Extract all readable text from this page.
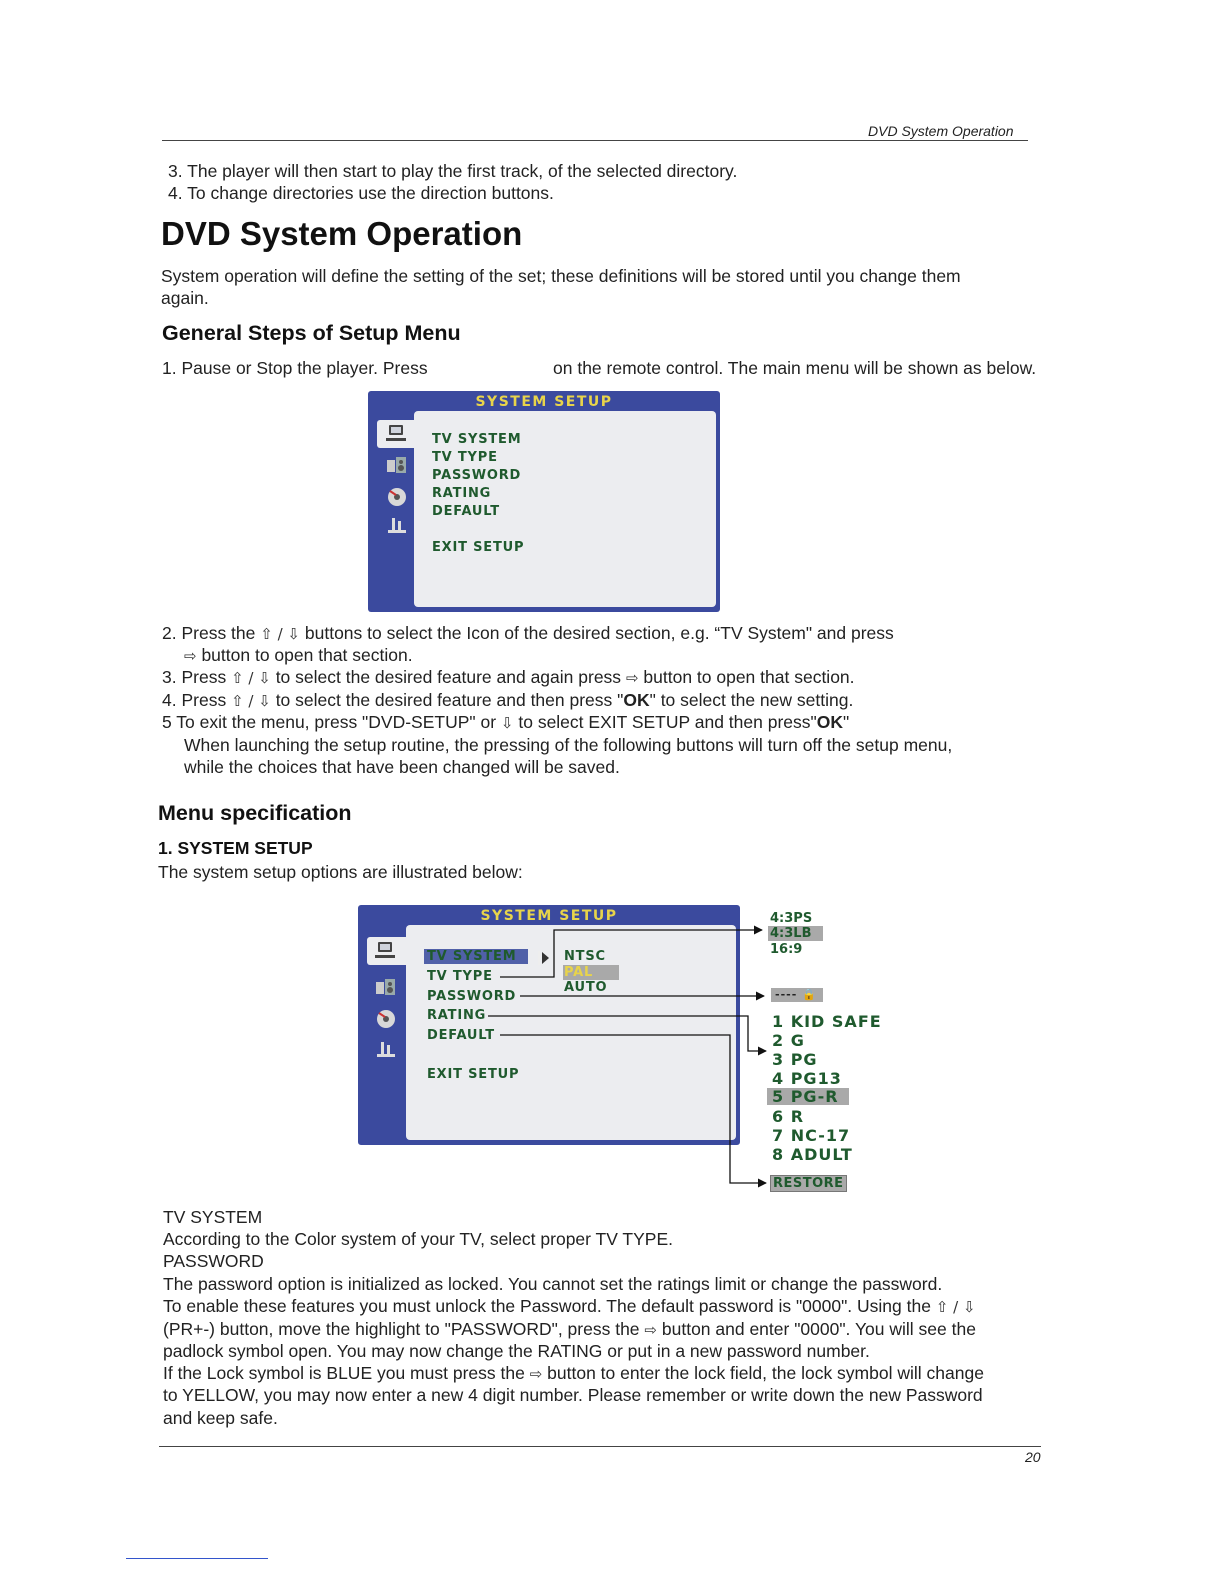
DVD System Operation
3. The player will then start to play the first track, of the selected directory.
4. To change directories use the direction buttons.
DVD System Operation
System operation will define the setting of the set; these definitions will be stored until you change them
again.
General Steps of Setup Menu
1. Pause or Stop the player. Press	on the remote control. The main menu will be shown as below.
SYSTEM SETUP
TV SYSTEM
TV TYPE
PASSWORD
RATING
DEFAULT
EXIT SETUP
2. Press the ⇧ / ⇩ buttons to select the Icon of the desired section, e.g. “TV System" and press
⇨ button to open that section.
3. Press ⇧ / ⇩ to select the desired feature and again press ⇨ button to open that section.
4. Press ⇧ / ⇩ to select the desired feature and then press "OK" to select the new setting.
5 To exit the menu, press "DVD-SETUP" or ⇩ to select EXIT SETUP and then press"OK"
When launching the setup routine, the pressing of the following buttons will turn off the setup menu,
while the choices that have been changed will be saved.
Menu specification
1. SYSTEM SETUP
The system setup options are illustrated below:
SYSTEM SETUP
TV SYSTEM
TV TYPE
PASSWORD
RATING
DEFAULT
EXIT SETUP
NTSC
PAL
AUTO
4:3PS
4:3LB
16:9
---- 🔒
1 KID SAFE
2 G
3 PG
4 PG13
5 PG-R
6 R
7 NC-17
8 ADULT
RESTORE
TV SYSTEM
According to the Color system of your TV, select proper TV TYPE.
PASSWORD
The password option is initialized as locked. You cannot set the ratings limit or change the password.
To enable these features you must unlock the Password. The default password is "0000". Using the ⇧ / ⇩
(PR+-) button, move the highlight to "PASSWORD", press the ⇨ button and enter "0000". You will see the
padlock symbol open. You may now change the RATING or put in a new password number.
If the Lock symbol is BLUE you must press the ⇨ button to enter the lock field, the lock symbol will change
to YELLOW, you may now enter a new 4 digit number. Please remember or write down the new Password
and keep safe.
20
